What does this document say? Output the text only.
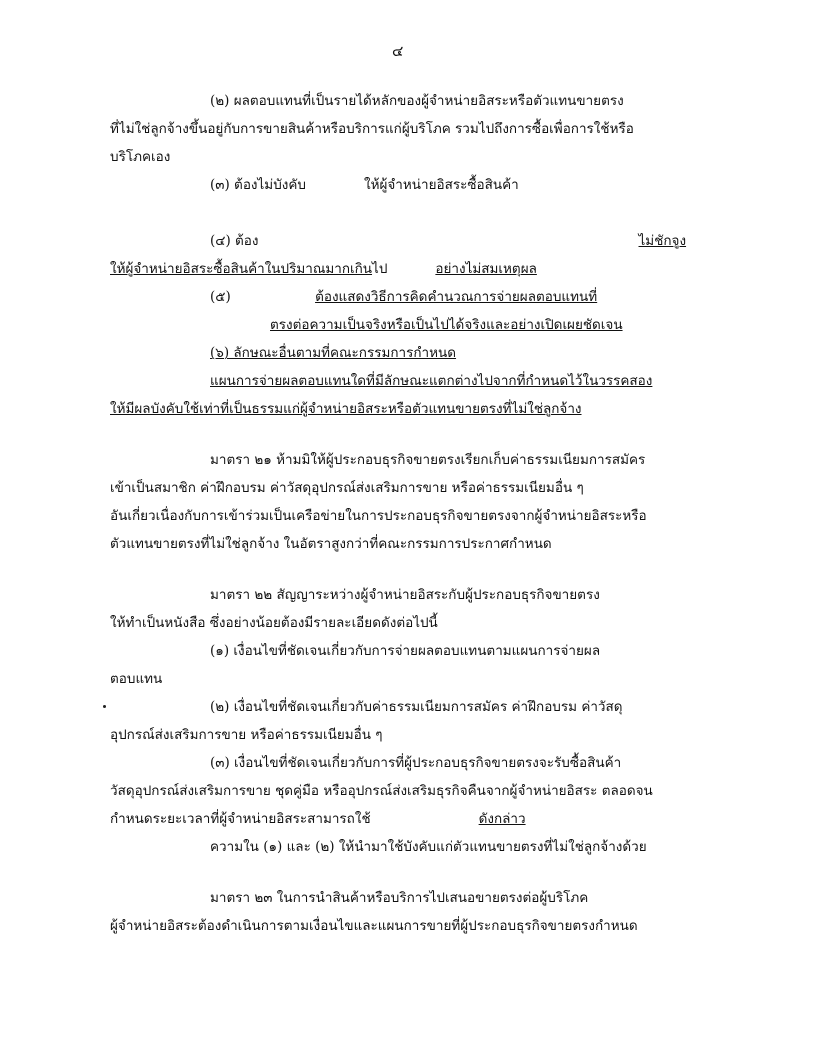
๔
(๒) ผลตอบแทนที่เป็นรายได้หลักของผู้จำหน่ายอิสระหรือตัวแทนขายตรง
ที่ไม่ใช่ลูกจ้างขึ้นอยู่กับการขายสินค้าหรือบริการแก่ผู้บริโภค รวมไปถึงการซื้อเพื่อการใช้หรือ
บริโภคเอง
(๓) ต้องไม่บังคับ	ให้ผู้จำหน่ายอิสระซื้อสินค้า
(๔) ต้อง	ไม่ชักจูง
ให้ผู้จำหน่ายอิสระซื้อสินค้าในปริมาณมากเกินไป	อย่างไม่สมเหตุผล
(๕)	ต้องแสดงวิธีการคิดคำนวณการจ่ายผลตอบแทนที่
ตรงต่อความเป็นจริงหรือเป็นไปได้จริงและอย่างเปิดเผยชัดเจน
(๖) ลักษณะอื่นตามที่คณะกรรมการกำหนด
แผนการจ่ายผลตอบแทนใดที่มีลักษณะแตกต่างไปจากที่กำหนดไว้ในวรรคสอง
ให้มีผลบังคับใช้เท่าที่เป็นธรรมแก่ผู้จำหน่ายอิสระหรือตัวแทนขายตรงที่ไม่ใช่ลูกจ้าง
มาตรา ๒๑ ห้ามมิให้ผู้ประกอบธุรกิจขายตรงเรียกเก็บค่าธรรมเนียมการสมัคร
เข้าเป็นสมาชิก ค่าฝึกอบรม ค่าวัสดุอุปกรณ์ส่งเสริมการขาย หรือค่าธรรมเนียมอื่น ๆ
อันเกี่ยวเนื่องกับการเข้าร่วมเป็นเครือข่ายในการประกอบธุรกิจขายตรงจากผู้จำหน่ายอิสระหรือ
ตัวแทนขายตรงที่ไม่ใช่ลูกจ้าง ในอัตราสูงกว่าที่คณะกรรมการประกาศกำหนด
มาตรา ๒๒ สัญญาระหว่างผู้จำหน่ายอิสระกับผู้ประกอบธุรกิจขายตรง
ให้ทำเป็นหนังสือ ซึ่งอย่างน้อยต้องมีรายละเอียดดังต่อไปนี้
(๑) เงื่อนไขที่ชัดเจนเกี่ยวกับการจ่ายผลตอบแทนตามแผนการจ่ายผล
ตอบแทน
(๒) เงื่อนไขที่ชัดเจนเกี่ยวกับค่าธรรมเนียมการสมัคร ค่าฝึกอบรม ค่าวัสดุ
อุปกรณ์ส่งเสริมการขาย หรือค่าธรรมเนียมอื่น ๆ
(๓) เงื่อนไขที่ชัดเจนเกี่ยวกับการที่ผู้ประกอบธุรกิจขายตรงจะรับซื้อสินค้า
วัสดุอุปกรณ์ส่งเสริมการขาย ชุดคู่มือ หรืออุปกรณ์ส่งเสริมธุรกิจคืนจากผู้จำหน่ายอิสระ ตลอดจน
กำหนดระยะเวลาที่ผู้จำหน่ายอิสระสามารถใช้	ดังกล่าว
ความใน (๑) และ (๒) ให้นำมาใช้บังคับแก่ตัวแทนขายตรงที่ไม่ใช่ลูกจ้างด้วย
มาตรา ๒๓ ในการนำสินค้าหรือบริการไปเสนอขายตรงต่อผู้บริโภค
ผู้จำหน่ายอิสระต้องดำเนินการตามเงื่อนไขและแผนการขายที่ผู้ประกอบธุรกิจขายตรงกำหนด
